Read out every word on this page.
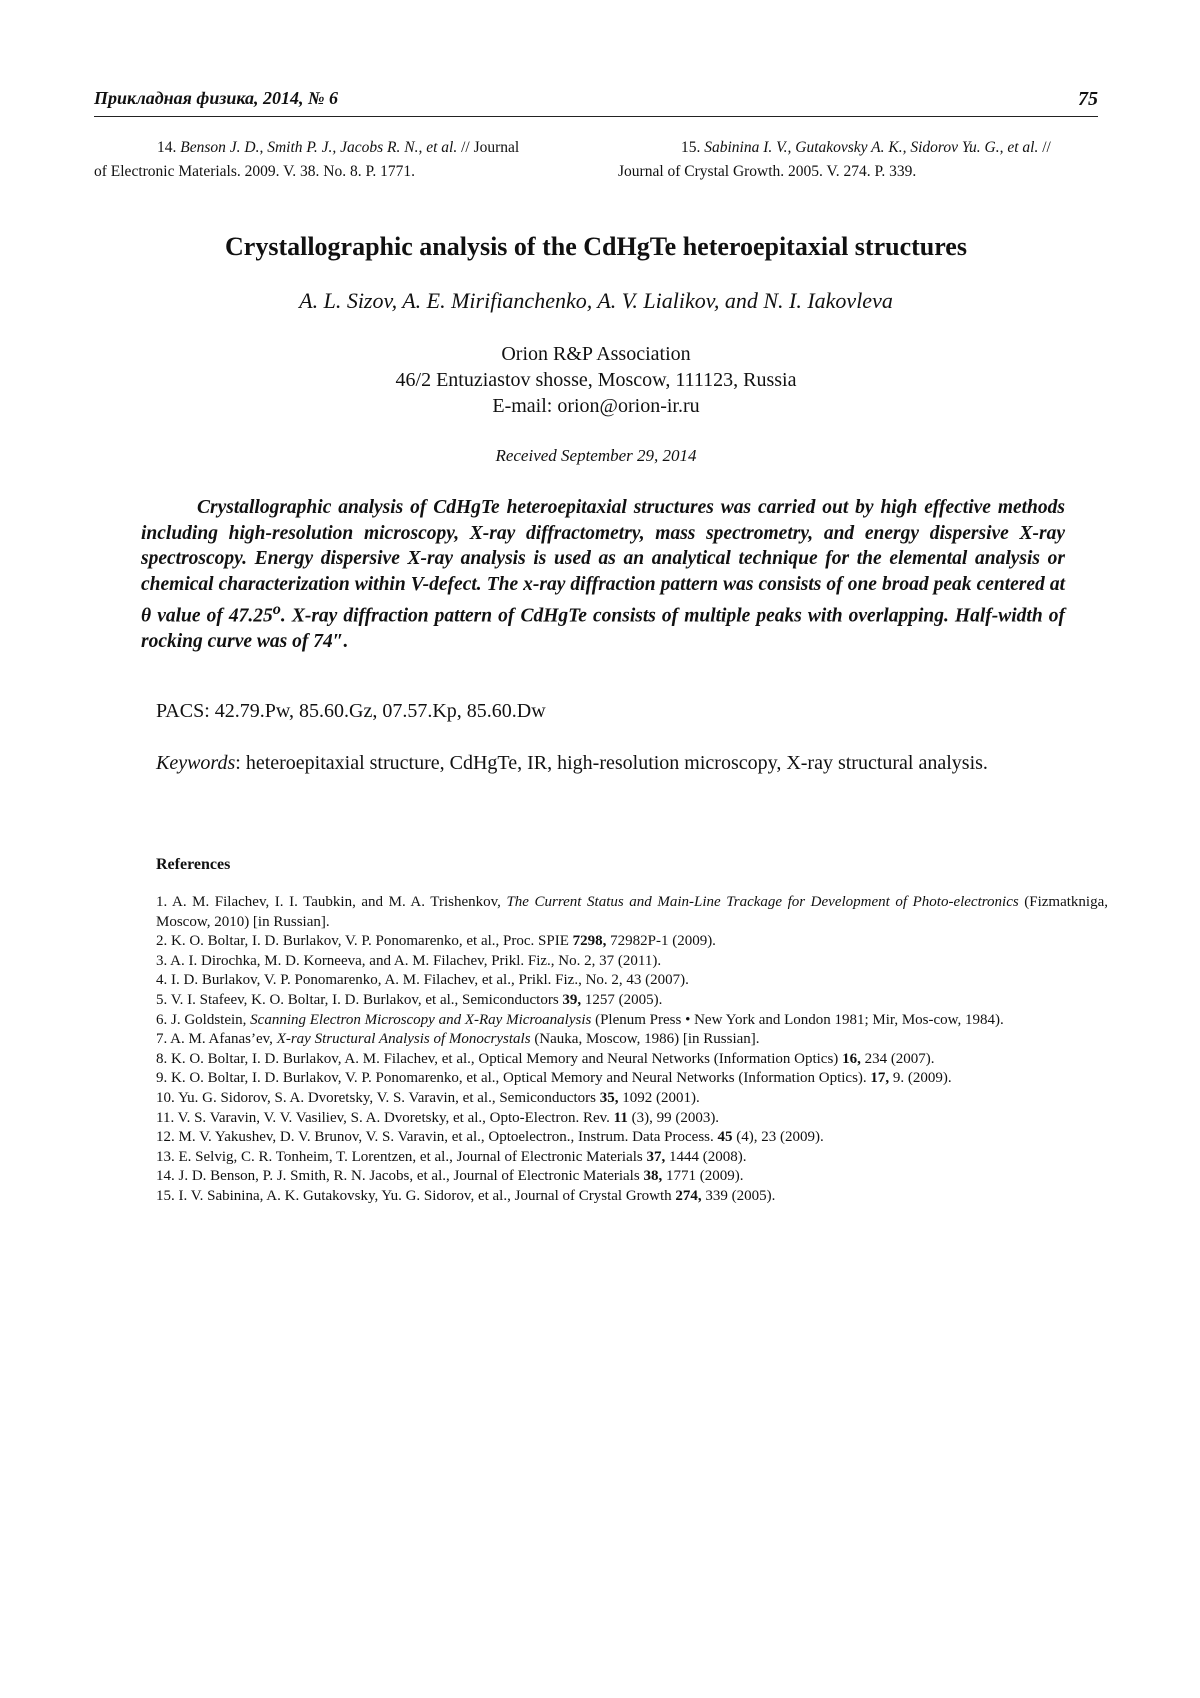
Прикладная физика, 2014, № 6	75
14. Benson J. D., Smith P. J., Jacobs R. N., et al. // Journal
of Electronic Materials. 2009. V. 38. No. 8. P. 1771.
15. Sabinina I. V., Gutakovsky A. K., Sidorov Yu. G., et al. //
Journal of Crystal Growth. 2005. V. 274. P. 339.
Crystallographic analysis of the CdHgTe heteroepitaxial structures
A. L. Sizov, A. E. Mirifianchenko, A. V. Lialikov, and N. I. Iakovleva
Orion R&P Association
46/2 Entuziastov shosse, Moscow, 111123, Russia
E-mail: orion@orion-ir.ru
Received September 29, 2014

Crystallographic analysis of CdHgTe heteroepitaxial structures was carried out by high effective methods including high-resolution microscopy, X-ray diffractometry, mass spectrometry, and energy dispersive X-ray spectroscopy. Energy dispersive X-ray analysis is used as an analytical technique for the elemental analysis or chemical characterization within V-defect. The x-ray diffraction pattern was consists of one broad peak centered at θ value of 47.25$^o$. X-ray diffraction pattern of CdHgTe consists of multiple peaks with overlapping. Half-width of rocking curve was of 74″.

PACS: 42.79.Pw, 85.60.Gz, 07.57.Kp, 85.60.Dw
Keywords: heteroepitaxial structure, CdHgTe, IR, high-resolution microscopy, X-ray structural analysis.
References
1. A. M. Filachev, I. I. Taubkin, and M. A. Trishenkov, The Current Status and Main-Line Trackage for Development of Photo-electronics (Fizmatkniga, Moscow, 2010) [in Russian].
2. K. O. Boltar, I. D. Burlakov, V. P. Ponomarenko, et al., Proc. SPIE 7298, 72982P-1 (2009).
3. A. I. Dirochka, M. D. Korneeva, and A. M. Filachev, Prikl. Fiz., No. 2, 37 (2011).
4. I. D. Burlakov, V. P. Ponomarenko, A. M. Filachev, et al., Prikl. Fiz., No. 2, 43 (2007).
5. V. I. Stafeev, K. O. Boltar, I. D. Burlakov, et al., Semiconductors 39, 1257 (2005).
6. J. Goldstein, Scanning Electron Microscopy and X-Ray Microanalysis (Plenum Press • New York and London 1981; Mir, Mos-cow, 1984).
7. A. M. Afanas’ev, X-ray Structural Analysis of Monocrystals (Nauka, Moscow, 1986) [in Russian].
8. K. O. Boltar, I. D. Burlakov, A. M. Filachev, et al., Optical Memory and Neural Networks (Information Optics) 16, 234 (2007).
9. K. O. Boltar, I. D. Burlakov, V. P. Ponomarenko, et al., Optical Memory and Neural Networks (Information Optics). 17, 9. (2009).
10. Yu. G. Sidorov, S. A. Dvoretsky, V. S. Varavin, et al., Semiconductors 35, 1092 (2001).
11. V. S. Varavin, V. V. Vasiliev, S. A. Dvoretsky, et al., Opto-Electron. Rev. 11 (3), 99 (2003).
12. M. V. Yakushev, D. V. Brunov, V. S. Varavin, et al., Optoelectron., Instrum. Data Process. 45 (4), 23 (2009).
13. E. Selvig, C. R. Tonheim, T. Lorentzen, et al., Journal of Electronic Materials 37, 1444 (2008).
14. J. D. Benson, P. J. Smith, R. N. Jacobs, et al., Journal of Electronic Materials 38, 1771 (2009).
15. I. V. Sabinina, A. K. Gutakovsky, Yu. G. Sidorov, et al., Journal of Crystal Growth 274, 339 (2005).
